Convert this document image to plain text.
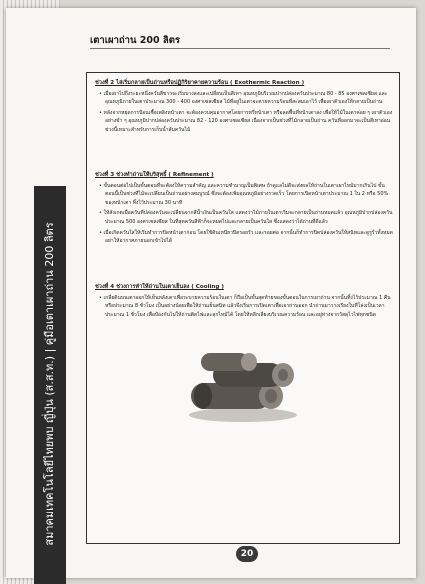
เตาเผาถ่าน 200 ลิตร
สมาคมเทคโนโลยีไทยพบ ญี่ปุ่น (ส.ส.ท.) | คู่มือเตาเผาถ่าน 200 ลิตร
ช่วงที่ 2 ไล่เริ่มกลายเป็นถ่านหรือปฏิกิริยาคายความร้อน ( Exothermic Reaction )
• เมื่อเผาไปถึงระยะหนึ่งควันสีขาวจะเริ่มบางลงและเปลี่ยนเป็นสีเทา อุณหภูมิบริเวณปากปล่องควันประมาณ 80 - 85 องศาเซลเซียส และอุณหภูมิภายในเตาประมาณ 300 - 400 องศาเซลเซียส ไม้ที่อยู่ในเตาจะคายความร้อนที่สะสมเอาไว้ เพื่อเผาตัวเองให้กลายเป็นถ่าน
• หลังจากหยุดการป้อนเชื้อเพลิงหน้าเตา จะต้องควบคุมอากาศโดยการหรี่หน้าเตา หรือลดพื้นที่หน้าเตาลง เพื่อให้ไม้ในเตาค่อย ๆ เผาตัวเองอย่างช้า ๆ อุณหภูมิปากปล่องควันประมาณ 82 - 120 องศาเซลเซียส เนื่องจากเป็นช่วงที่ไม้กลายเป็นถ่าน ควันที่ออกมาจะเป็นสีเทาอ่อน ช่วงนี้เหมาะสำหรับการเก็บน้ำส้มควันไม้
ช่วงที่ 3 ช่วงทำถ่านให้บริสุทธิ์ ( Refinement )
• ขั้นตอนต่อไปเป็นขั้นตอนที่จะต้องให้ความสำคัญ และความชำนาญเป็นพิเศษ ถ้าดูแลไม่ดีจะส่งผลให้ถ่านในเตาเผาไหม้มากเกินไป ขั้นตอนนี้เป็นช่วงที่ไม้จะเปลี่ยนเป็นถ่านอย่างสมบูรณ์ ซึ่งจะต้องเพิ่มอุณหภูมิอย่างรวดเร็ว โดยการเปิดหน้าเตาประมาณ 1 ใน 2 หรือ 50% ของหน้าเตา ทิ้งไว้ประมาณ 30 นาที
• ให้สังเกตเมื่อควันที่ปล่องควันจะเปลี่ยนจากสีน้ำเงินเป็นควันใส แสดงว่าไม้ภายในเตาเริ่มจะกลายเป็นถ่านหมดแล้ว อุณหภูมิปากปล่องควันประมาณ 500 องศาเซลเซียส ในที่สุดควันสีฟ้าก็จะหมดไปและกลายเป็นควันใส ซึ่งแสดงว่าได้ถ่านที่ดีแล้ว
• เมื่อเกิดควันใสให้เริ่มทำการปิดหน้าเตาก่อน โดยใช้ดินเหนียวปิดรอยรั่ว และรอยต่อ จากนั้นก็ทำการปิดปล่องควันให้สนิทและดูรูรั่วทั้งหมดอย่าให้อากาศภายนอกเข้าไปได้
ช่วงที่ 4 ช่วงการทำให้ถ่านในเตาเย็นลง ( Cooling )
• เกลี่ยดินบนเตาออกให้เห็นหลังเตาเพื่อระบายความร้อนในเตา ก็ถือเป็นขั้นสุดท้ายของขั้นตอนในการเผาถ่าน จากนั้นทิ้งไว้ประมาณ 1 คืน หรือประมาณ 8 ชั่วโมง เป็นอย่างน้อยเพื่อให้ถ่านเย็นสนิท แล้วจึงเริ่มการเปิดเตาเพื่อเอาถ่านออก นำถ่านมาวางเรียงในที่โล่งเป็นเวลาประมาณ 1 ชั่วโมง เพื่อป้องกันไม่ให้ถ่านติดไฟและลุกไหม้ได้ โดยให้หลีกเลี่ยงบริเวณความร้อน และอยู่ห่างจากวัสดุไวไฟทุกชนิด
20
